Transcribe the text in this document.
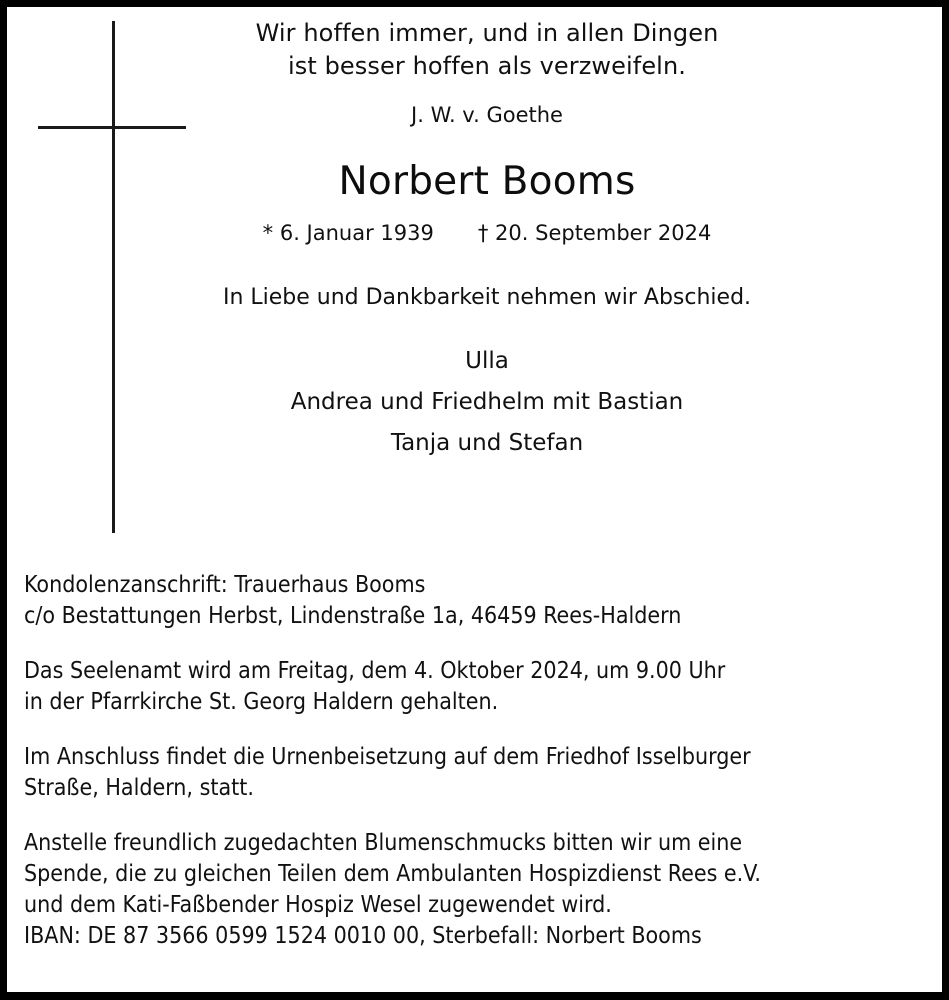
Wir hoffen immer, und in allen Dingen
ist besser hoffen als verzweifeln.
J. W. v. Goethe
Norbert Booms
* 6. Januar 1939 † 20. September 2024
In Liebe und Dankbarkeit nehmen wir Abschied.
Ulla
Andrea und Friedhelm mit Bastian
Tanja und Stefan

Kondolenzanschrift: Trauerhaus Booms
c/o Bestattungen Herbst, Lindenstraße 1a, 46459 Rees-Haldern

Das Seelenamt wird am Freitag, dem 4. Oktober 2024, um 9.00 Uhr
in der Pfarrkirche St. Georg Haldern gehalten.

Im Anschluss findet die Urnenbeisetzung auf dem Friedhof Isselburger
Straße, Haldern, statt.

Anstelle freundlich zugedachten Blumenschmucks bitten wir um eine
Spende, die zu gleichen Teilen dem Ambulanten Hospizdienst Rees e.V.
und dem Kati-Faßbender Hospiz Wesel zugewendet wird.
IBAN: DE 87 3566 0599 1524 0010 00, Sterbefall: Norbert Booms
